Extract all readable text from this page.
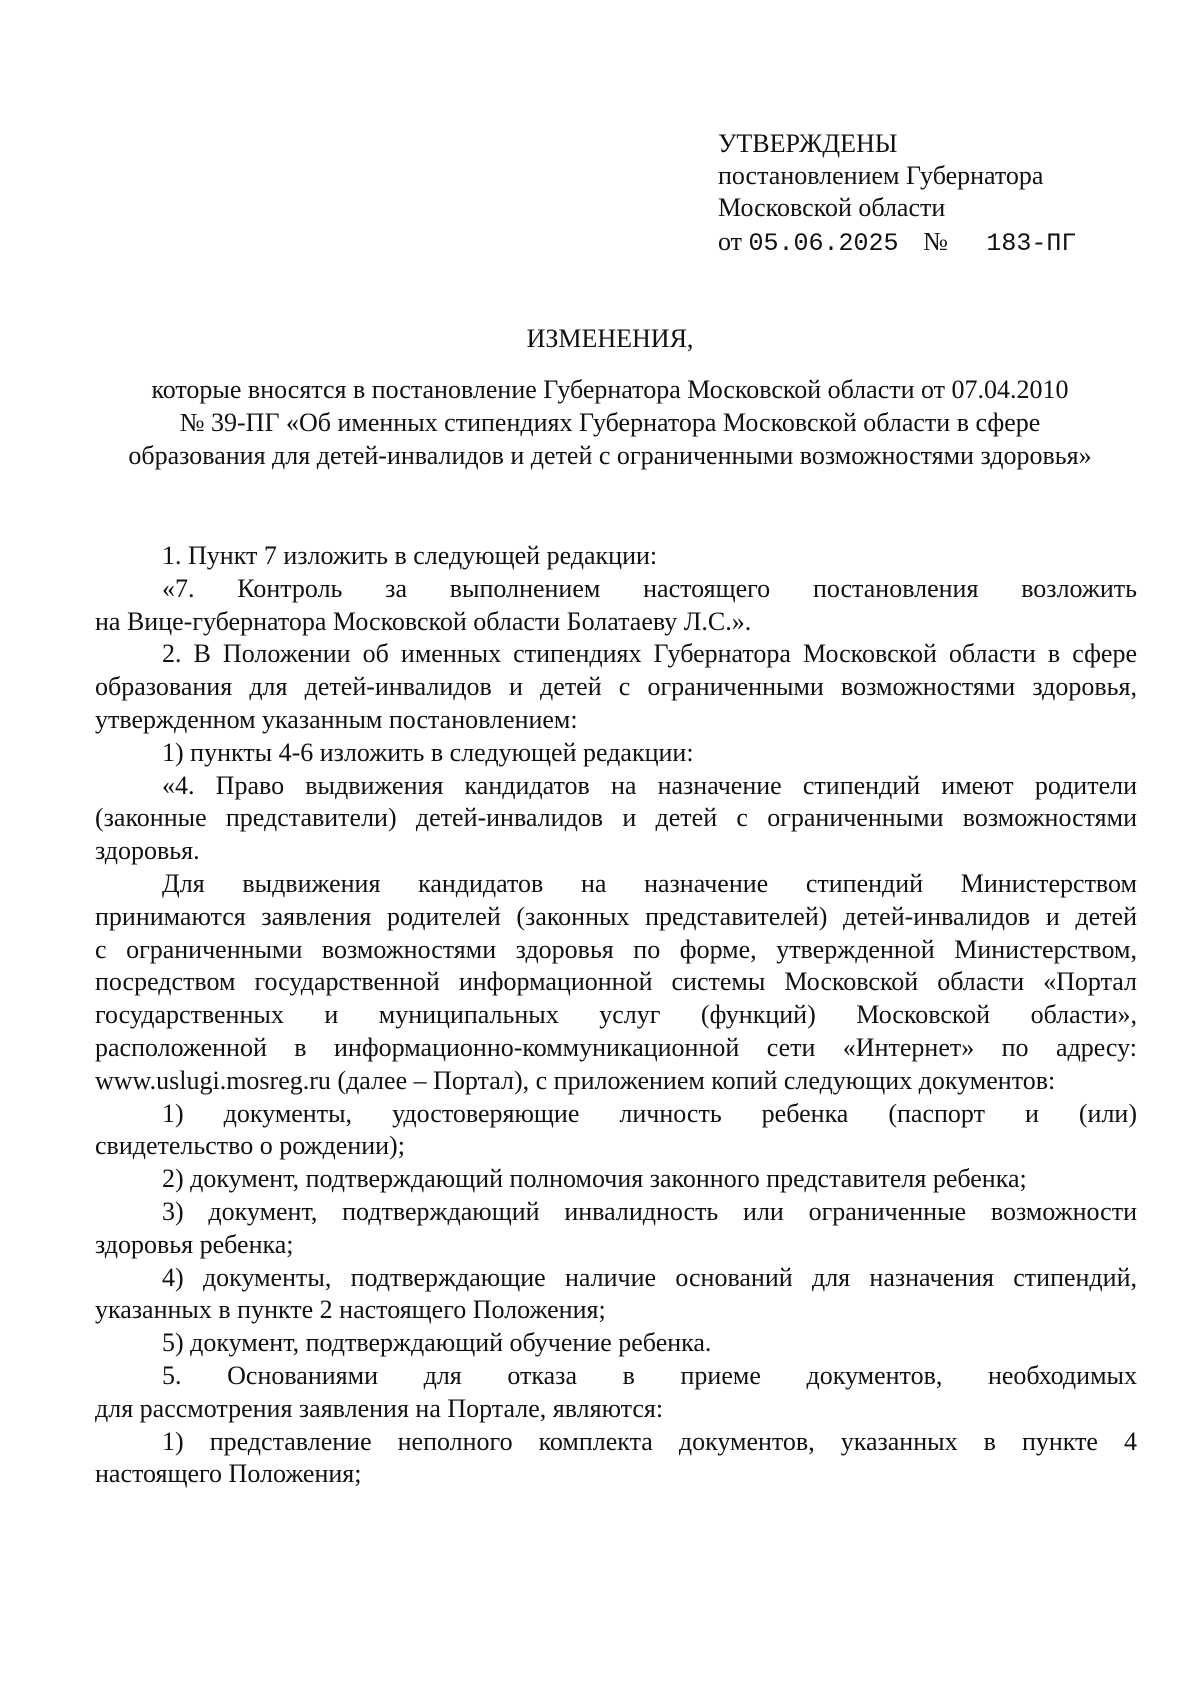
УТВЕРЖДЕНЫ
постановлением Губернатора
Московской области
от 05.06.2025 № 183-ПГ
ИЗМЕНЕНИЯ,
которые вносятся в постановление Губернатора Московской области от 07.04.2010
№ 39-ПГ «Об именных стипендиях Губернатора Московской области в сфере
образования для детей-инвалидов и детей с ограниченными возможностями здоровья»

1. Пункт 7 изложить в следующей редакции:

«7. Контроль за выполнением настоящего постановления возложить
на Вице-губернатора Московской области Болатаеву Л.С.».

2. В Положении об именных стипендиях Губернатора Московской области в сфере
образования для детей-инвалидов и детей с ограниченными возможностями здоровья,
утвержденном указанным постановлением:

1) пункты 4-6 изложить в следующей редакции:

«4. Право выдвижения кандидатов на назначение стипендий имеют родители
(законные представители) детей-инвалидов и детей с ограниченными возможностями
здоровья.

Для выдвижения кандидатов на назначение стипендий Министерством
принимаются заявления родителей (законных представителей) детей-инвалидов и детей
с ограниченными возможностями здоровья по форме, утвержденной Министерством,
посредством государственной информационной системы Московской области «Портал
государственных и муниципальных услуг (функций) Московской области»,
расположенной в информационно-коммуникационной сети «Интернет» по адресу:
www.uslugi.mosreg.ru (далее – Портал), с приложением копий следующих документов:

1) документы, удостоверяющие личность ребенка (паспорт и (или)
свидетельство о рождении);

2) документ, подтверждающий полномочия законного представителя ребенка;

3) документ, подтверждающий инвалидность или ограниченные возможности
здоровья ребенка;

4) документы, подтверждающие наличие оснований для назначения стипендий,
указанных в пункте 2 настоящего Положения;

5) документ, подтверждающий обучение ребенка.

5. Основаниями для отказа в приеме документов, необходимых
для рассмотрения заявления на Портале, являются:

1) представление неполного комплекта документов, указанных в пункте 4
настоящего Положения;
